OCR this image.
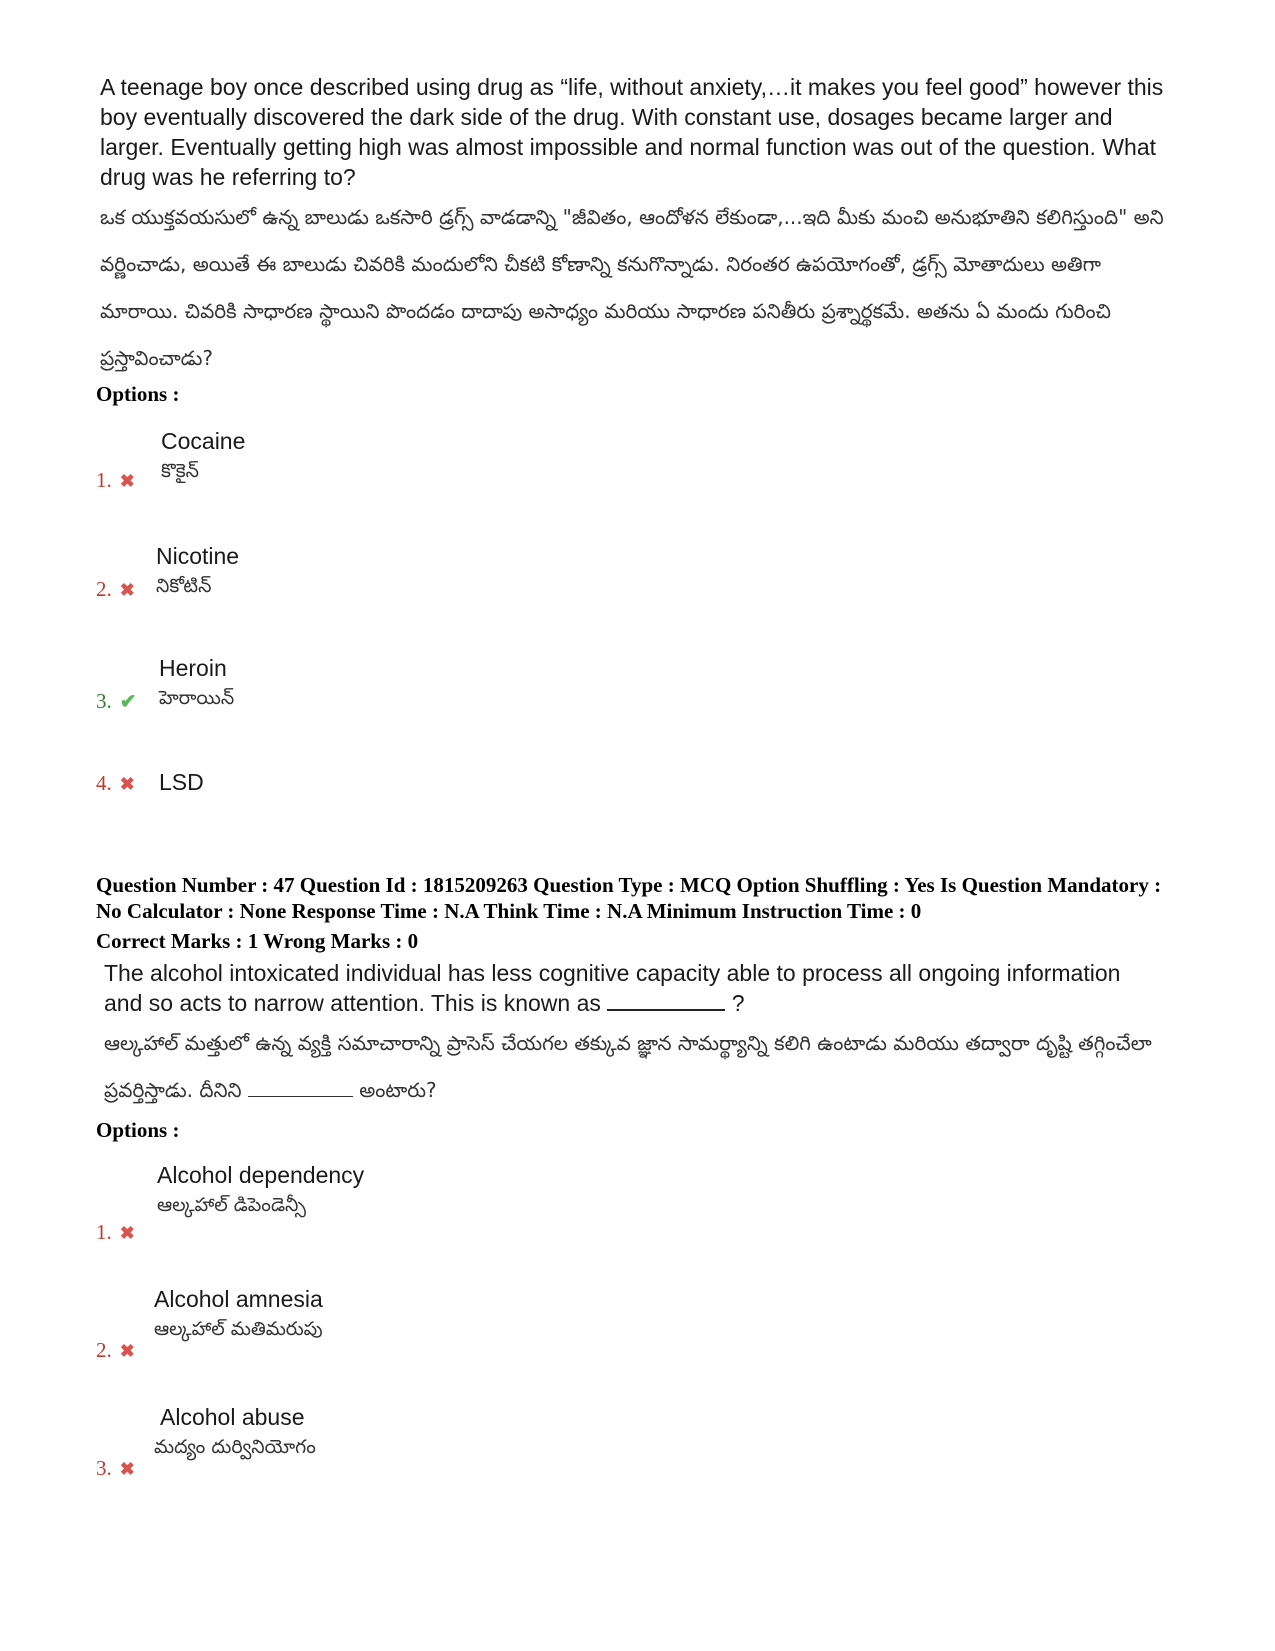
A teenage boy once described using drug as “life, without anxiety,…it makes you feel good” however this boy eventually discovered the dark side of the drug. With constant use, dosages became larger and larger. Eventually getting high was almost impossible and normal function was out of the question. What drug was he referring to?

ఒక యుక్తవయసులో ఉన్న బాలుడు ఒకసారి డ్రగ్స్ వాడడాన్ని "జీవితం, ఆందోళన లేకుండా,...ఇది మీకు మంచి అనుభూతిని కలిగిస్తుంది" అని వర్ణించాడు, అయితే ఈ బాలుడు చివరికి మందులోని చీకటి కోణాన్ని కనుగొన్నాడు. నిరంతర ఉపయోగంతో, డ్రగ్స్ మోతాదులు అతిగా మారాయి. చివరికి సాధారణ స్థాయిని పొందడం దాదాపు అసాధ్యం మరియు సాధారణ పనితీరు ప్రశ్నార్థకమే. అతను ఏ మందు గురించి ప్రస్తావించాడు?

Options :
Cocaine
కొకైన్
1. ✖
Nicotine
నికోటిన్
2. ✖
Heroin
హెరాయిన్
3. ✔
LSD
4. ✖
Question Number : 47 Question Id : 1815209263 Question Type : MCQ Option Shuffling : Yes Is Question Mandatory : No Calculator : None Response Time : N.A Think Time : N.A Minimum Instruction Time : 0
Correct Marks : 1 Wrong Marks : 0

The alcohol intoxicated individual has less cognitive capacity able to process all ongoing information and so acts to narrow attention. This is known as	?

ఆల్కహాల్ మత్తులో ఉన్న వ్యక్తి సమాచారాన్ని ప్రాసెస్ చేయగల తక్కువ జ్ఞాన సామర్థ్యాన్ని కలిగి ఉంటాడు మరియు తద్వారా దృష్టి తగ్గించేలా ప్రవర్తిస్తాడు. దీనిని	అంటారు?

Options :
Alcohol dependency
ఆల్కహాల్ డిపెండెన్సీ
1. ✖
Alcohol amnesia
ఆల్కహాల్ మతిమరుపు
2. ✖
Alcohol abuse
మద్యం దుర్వినియోగం
3. ✖
